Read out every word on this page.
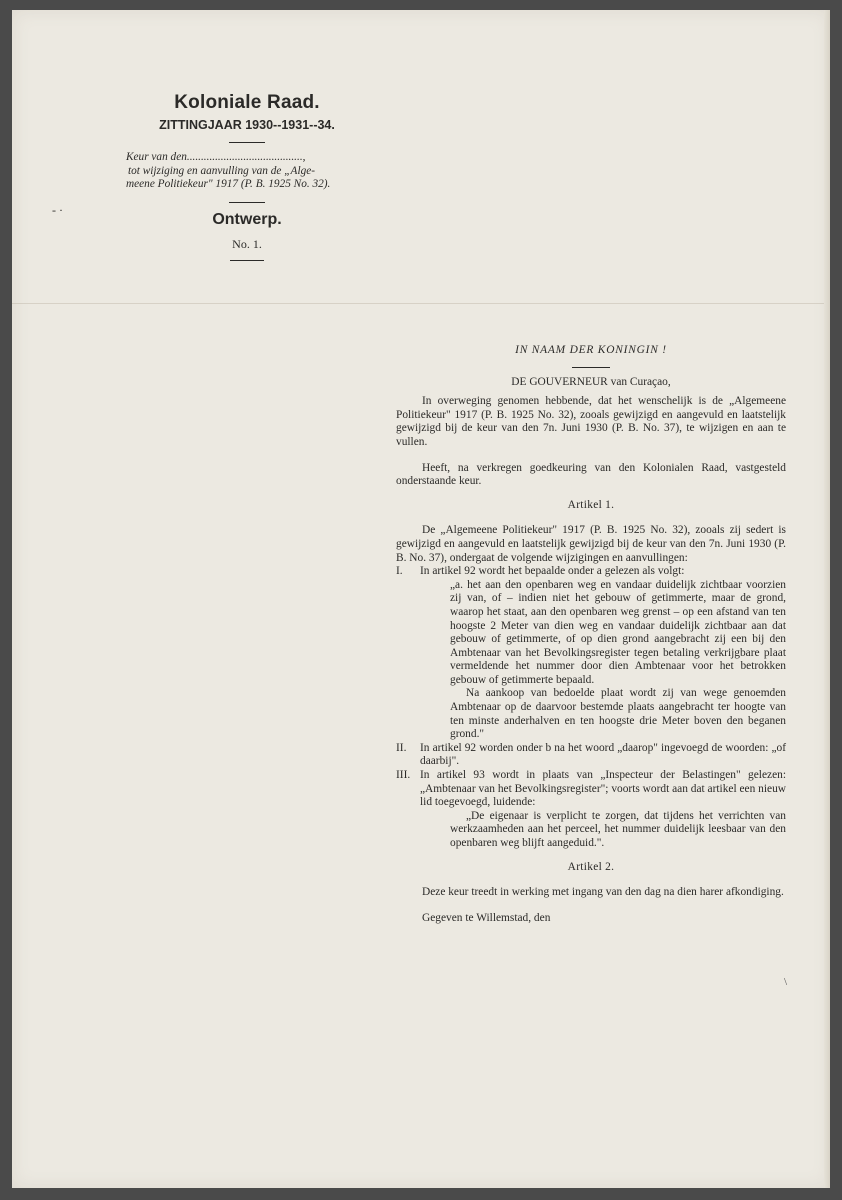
Koloniale Raad.
ZITTINGJAAR 1930--1931--34.
Keur van den.........................................,
tot wijziging en aanvulling van de „Alge-
meene Politiekeur" 1917 (P. B. 1925 No. 32).
Ontwerp.
No. 1.
- ·
IN NAAM DER KONINGIN !
DE GOUVERNEUR van Curaçao,

In overweging genomen hebbende, dat het wenschelijk is de „Algemeene Politiekeur" 1917 (P. B. 1925 No. 32), zooals gewijzigd en aangevuld en laatstelijk gewijzigd bij de keur van den 7n. Juni 1930 (P. B. No. 37), te wijzigen en aan te vullen.

Heeft, na verkregen goedkeuring van den Kolonialen Raad, vastgesteld onderstaande keur.

Artikel 1.

De „Algemeene Politiekeur" 1917 (P. B. 1925 No. 32), zooals zij sedert is gewijzigd en aangevuld en laatstelijk gewijzigd bij de keur van den 7n. Juni 1930 (P. B. No. 37), ondergaat de volgende wijzigingen en aanvullingen:

I.	In artikel 92 wordt het bepaalde onder a gelezen als volgt:

„a. het aan den openbaren weg en vandaar duidelijk zichtbaar voorzien zij van, of – indien niet het gebouw of getimmerte, maar de grond, waarop het staat, aan den openbaren weg grenst – op een afstand van ten hoogste 2 Meter van dien weg en vandaar duidelijk zichtbaar aan dat gebouw of getimmerte, of op dien grond aangebracht zij een bij den Ambtenaar van het Bevolkingsregister tegen betaling verkrijgbare plaat vermeldende het nummer door dien Ambtenaar voor het betrokken gebouw of getimmerte bepaald.

Na aankoop van bedoelde plaat wordt zij van wege genoemden Ambtenaar op de daarvoor bestemde plaats aangebracht ter hoogte van ten minste anderhalven en ten hoogste drie Meter boven den beganen grond."

II.	In artikel 92 worden onder b na het woord „daarop" ingevoegd de woorden: „of daarbij".
III. In artikel 93 wordt in plaats van „Inspecteur der Belastingen" gelezen: „Ambtenaar van het Bevolkingsregister"; voorts wordt aan dat artikel een nieuw lid toegevoegd, luidende:

„De eigenaar is verplicht te zorgen, dat tijdens het verrichten van werkzaamheden aan het perceel, het nummer duidelijk leesbaar van den openbaren weg blijft aangeduid.".

Artikel 2.

Deze keur treedt in werking met ingang van den dag na dien harer afkondiging.

Gegeven te Willemstad, den

\
